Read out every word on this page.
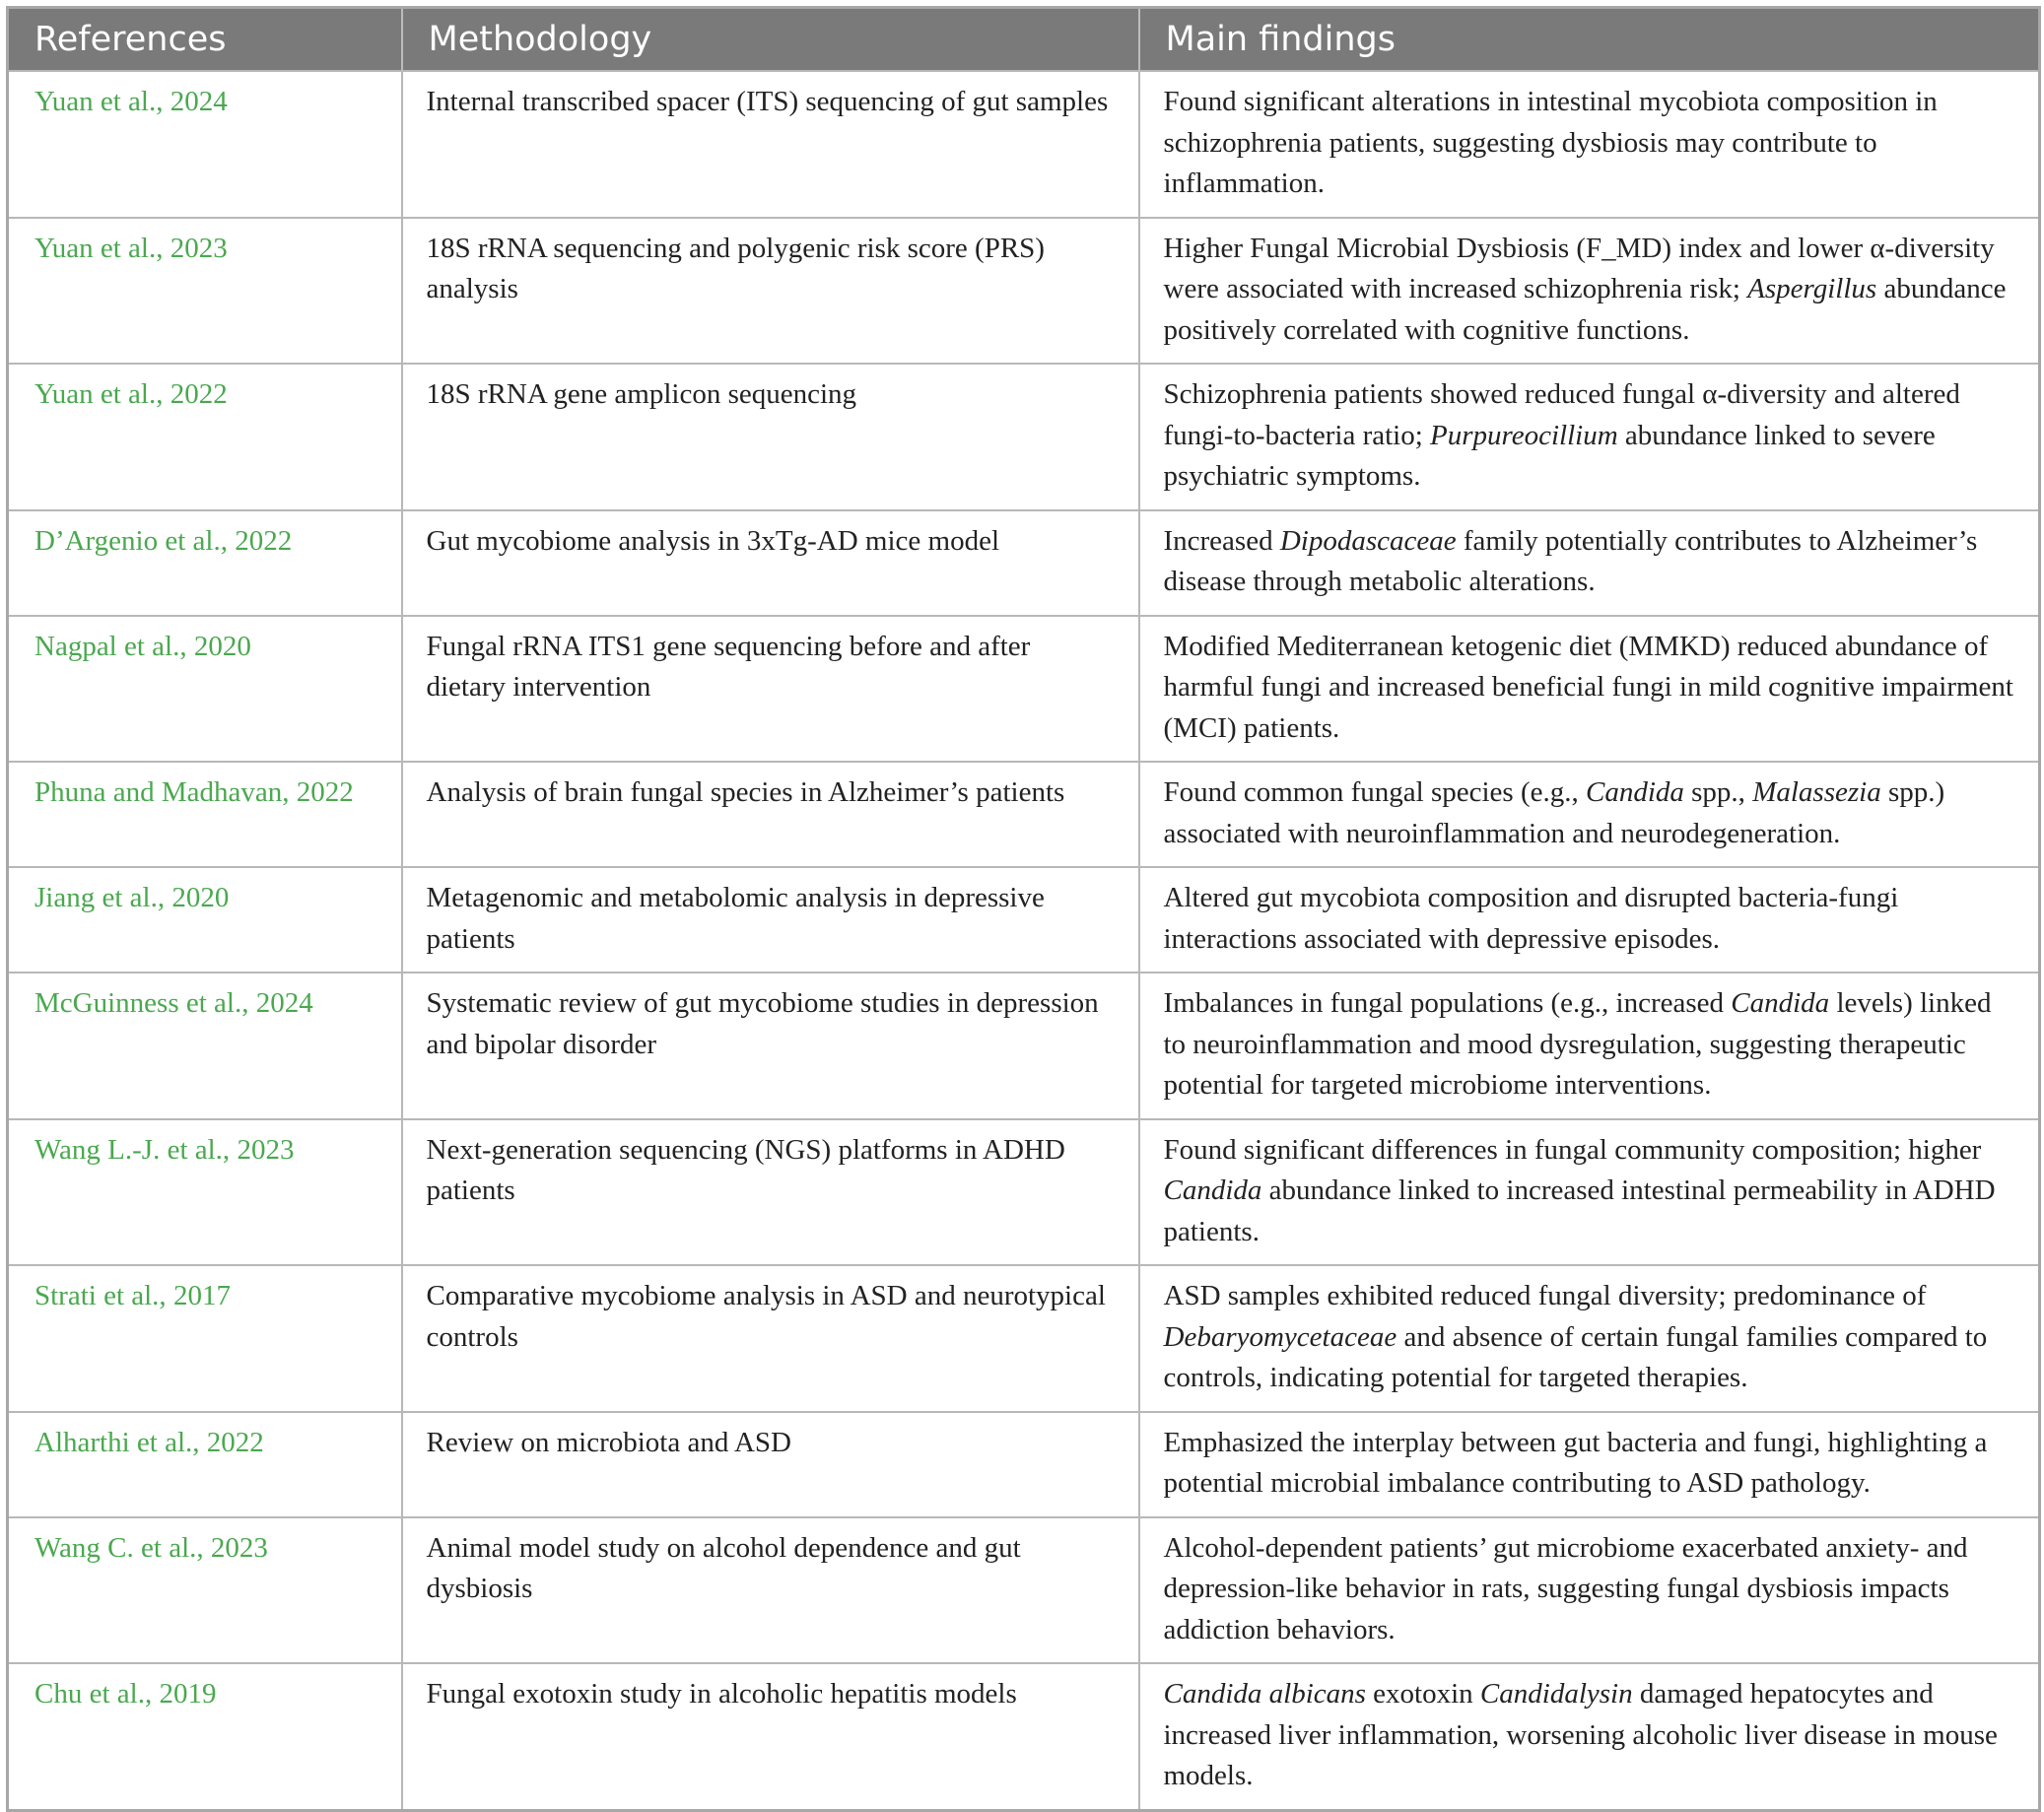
References	Methodology	Main findings
Yuan et al., 2024	Internal transcribed spacer (ITS) sequencing of gut samples	Found significant alterations in intestinal mycobiota composition in schizophrenia patients, suggesting dysbiosis may contribute to inflammation.
Yuan et al., 2023	18S rRNA sequencing and polygenic risk score (PRS) analysis	Higher Fungal Microbial Dysbiosis (F_MD) index and lower α-diversity were associated with increased schizophrenia risk; Aspergillus abundance positively correlated with cognitive functions.
Yuan et al., 2022	18S rRNA gene amplicon sequencing	Schizophrenia patients showed reduced fungal α-diversity and altered fungi-to-bacteria ratio; Purpureocillium abundance linked to severe psychiatric symptoms.
D’Argenio et al., 2022	Gut mycobiome analysis in 3xTg-AD mice model	Increased Dipodascaceae family potentially contributes to Alzheimer’s disease through metabolic alterations.
Nagpal et al., 2020	Fungal rRNA ITS1 gene sequencing before and after dietary intervention	Modified Mediterranean ketogenic diet (MMKD) reduced abundance of harmful fungi and increased beneficial fungi in mild cognitive impairment (MCI) patients.
Phuna and Madhavan, 2022	Analysis of brain fungal species in Alzheimer’s patients	Found common fungal species (e.g., Candida spp., Malassezia spp.) associated with neuroinflammation and neurodegeneration.
Jiang et al., 2020	Metagenomic and metabolomic analysis in depressive patients	Altered gut mycobiota composition and disrupted bacteria-fungi interactions associated with depressive episodes.
McGuinness et al., 2024	Systematic review of gut mycobiome studies in depression and bipolar disorder	Imbalances in fungal populations (e.g., increased Candida levels) linked to neuroinflammation and mood dysregulation, suggesting therapeutic potential for targeted microbiome interventions.
Wang L.-J. et al., 2023	Next-generation sequencing (NGS) platforms in ADHD patients	Found significant differences in fungal community composition; higher Candida abundance linked to increased intestinal permeability in ADHD patients.
Strati et al., 2017	Comparative mycobiome analysis in ASD and neurotypical controls	ASD samples exhibited reduced fungal diversity; predominance of Debaryomycetaceae and absence of certain fungal families compared to controls, indicating potential for targeted therapies.
Alharthi et al., 2022	Review on microbiota and ASD	Emphasized the interplay between gut bacteria and fungi, highlighting a potential microbial imbalance contributing to ASD pathology.
Wang C. et al., 2023	Animal model study on alcohol dependence and gut dysbiosis	Alcohol-dependent patients’ gut microbiome exacerbated anxiety- and depression-like behavior in rats, suggesting fungal dysbiosis impacts addiction behaviors.
Chu et al., 2019	Fungal exotoxin study in alcoholic hepatitis models	Candida albicans exotoxin Candidalysin damaged hepatocytes and increased liver inflammation, worsening alcoholic liver disease in mouse models.
